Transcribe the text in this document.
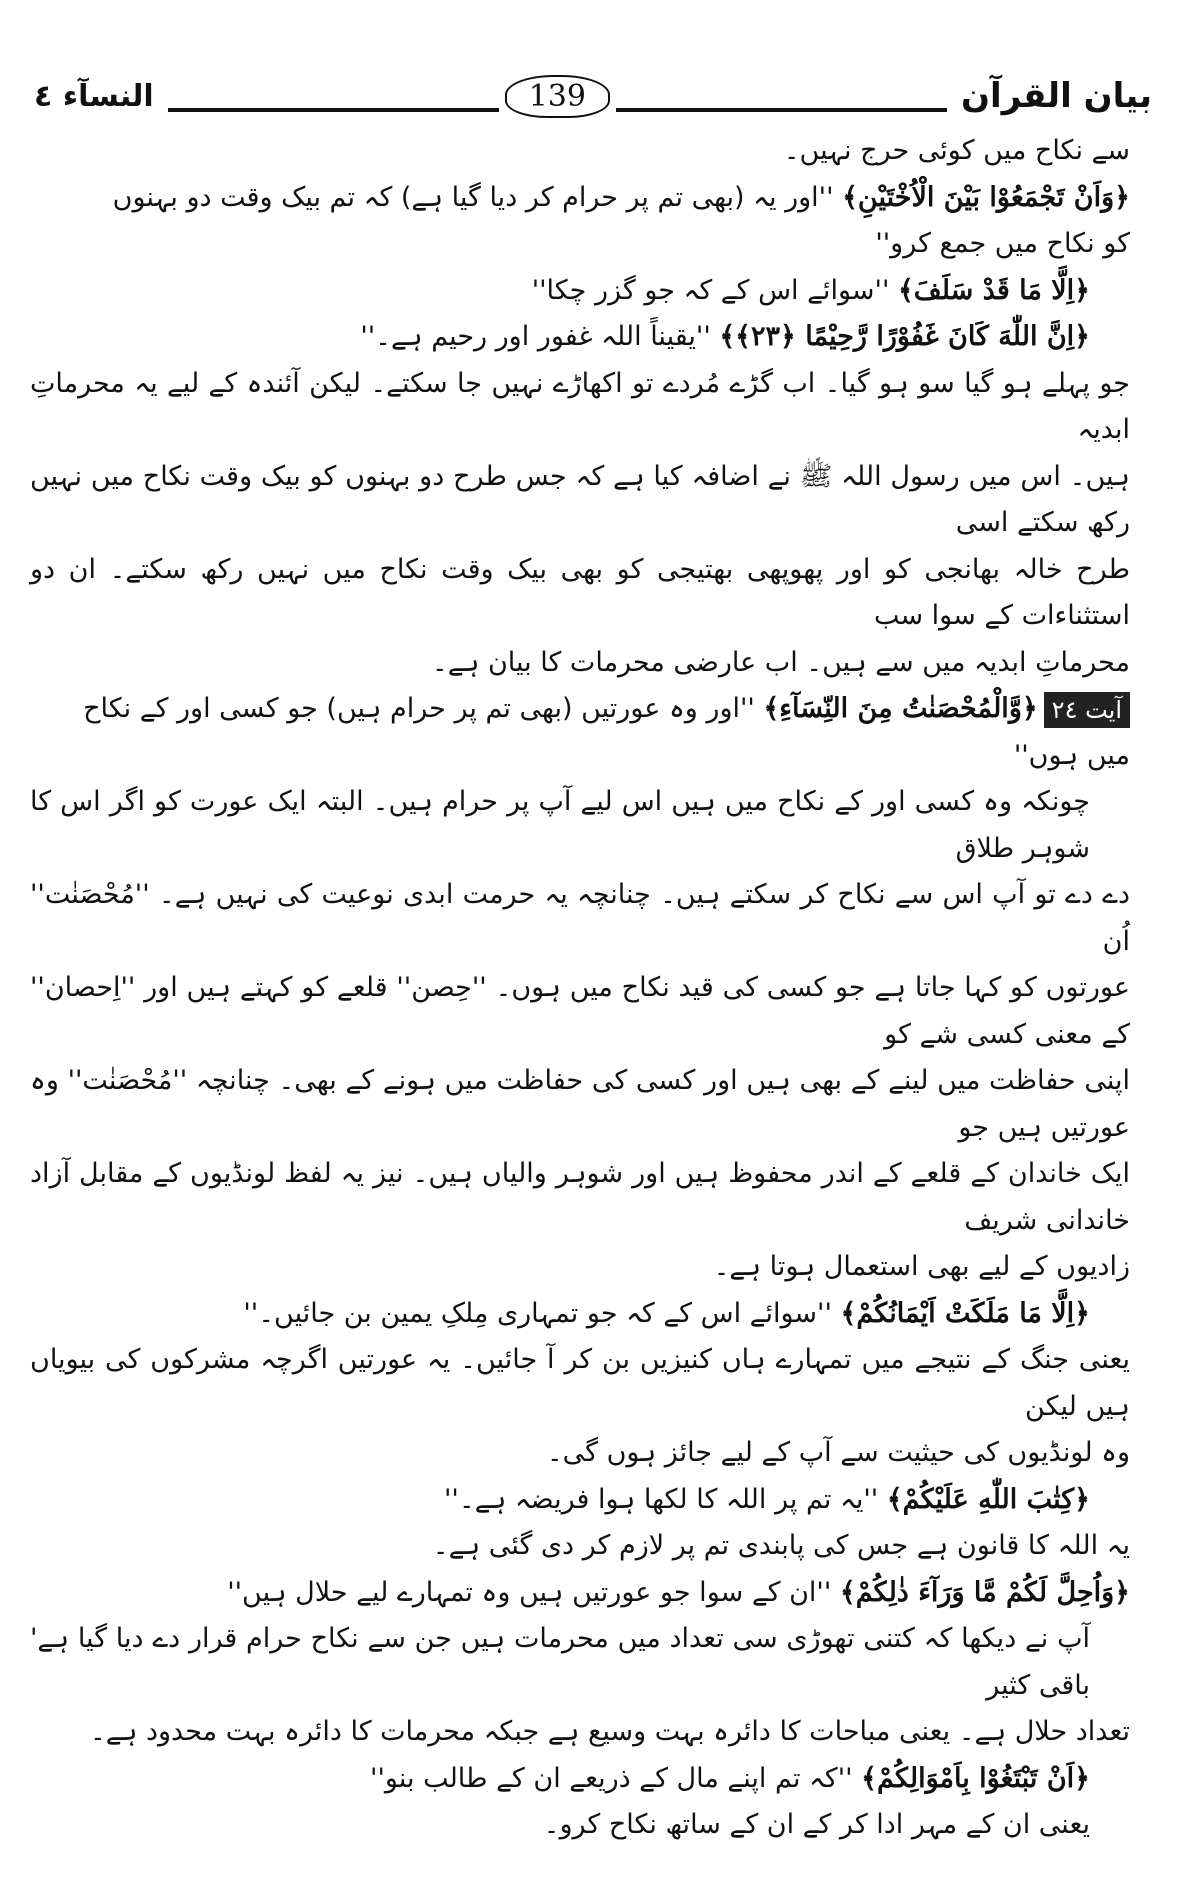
بیان القرآن
139
النسآء ٤

سے نکاح میں کوئی حرج نہیں۔

﴿وَاَنْ تَجْمَعُوْا بَيْنَ الْاُخْتَيْنِ﴾ ''اور یہ (بھی تم پر حرام کر دیا گیا ہے) کہ تم بیک وقت دو بہنوں

کو نکاح میں جمع کرو''

﴿اِلَّا مَا قَدْ سَلَفَ﴾ ''سوائے اس کے کہ جو گزر چکا''

﴿اِنَّ اللّٰهَ كَانَ غَفُوْرًا رَّحِيْمًا ﴿٢٣﴾﴾ ''یقیناً اللہ غفور اور رحیم ہے۔''

جو پہلے ہو گیا سو ہو گیا۔ اب گڑے مُردے تو اکھاڑے نہیں جا سکتے۔ لیکن آئندہ کے لیے یہ محرماتِ ابدیہ

ہیں۔ اس میں رسول اللہ ﷺ نے اضافہ کیا ہے کہ جس طرح دو بہنوں کو بیک وقت نکاح میں نہیں رکھ سکتے اسی

طرح خالہ بھانجی کو اور پھوپھی بھتیجی کو بھی بیک وقت نکاح میں نہیں رکھ سکتے۔ ان دو استثناءات کے سوا سب

محرماتِ ابدیہ میں سے ہیں۔ اب عارضی محرمات کا بیان ہے۔

آیت ٢٤﴿وَّالْمُحْصَنٰتُ مِنَ النِّسَآءِ﴾ ''اور وہ عورتیں (بھی تم پر حرام ہیں) جو کسی اور کے نکاح

میں ہوں''

چونکہ وہ کسی اور کے نکاح میں ہیں اس لیے آپ پر حرام ہیں۔ البتہ ایک عورت کو اگر اس کا شوہر طلاق

دے دے تو آپ اس سے نکاح کر سکتے ہیں۔ چنانچہ یہ حرمت ابدی نوعیت کی نہیں ہے۔ ''مُحْصَنٰت'' اُن

عورتوں کو کہا جاتا ہے جو کسی کی قید نکاح میں ہوں۔ ''حِصن'' قلعے کو کہتے ہیں اور ''اِحصان'' کے معنی کسی شے کو

اپنی حفاظت میں لینے کے بھی ہیں اور کسی کی حفاظت میں ہونے کے بھی۔ چنانچہ ''مُحْصَنٰت'' وہ عورتیں ہیں جو

ایک خاندان کے قلعے کے اندر محفوظ ہیں اور شوہر والیاں ہیں۔ نیز یہ لفظ لونڈیوں کے مقابل آزاد خاندانی شریف

زادیوں کے لیے بھی استعمال ہوتا ہے۔

﴿اِلَّا مَا مَلَكَتْ اَيْمَانُكُمْ﴾ ''سوائے اس کے کہ جو تمہاری مِلکِ یمین بن جائیں۔''

یعنی جنگ کے نتیجے میں تمہارے ہاں کنیزیں بن کر آ جائیں۔ یہ عورتیں اگرچہ مشرکوں کی بیویاں ہیں لیکن

وہ لونڈیوں کی حیثیت سے آپ کے لیے جائز ہوں گی۔

﴿كِتٰبَ اللّٰهِ عَلَيْكُمْ﴾ ''یہ تم پر اللہ کا لکھا ہوا فریضہ ہے۔''

یہ اللہ کا قانون ہے جس کی پابندی تم پر لازم کر دی گئی ہے۔

﴿وَاُحِلَّ لَكُمْ مَّا وَرَآءَ ذٰلِكُمْ﴾ ''ان کے سوا جو عورتیں ہیں وہ تمہارے لیے حلال ہیں''

آپ نے دیکھا کہ کتنی تھوڑی سی تعداد میں محرمات ہیں جن سے نکاح حرام قرار دے دیا گیا ہے' باقی کثیر

تعداد حلال ہے۔ یعنی مباحات کا دائرہ بہت وسیع ہے جبکہ محرمات کا دائرہ بہت محدود ہے۔

﴿اَنْ تَبْتَغُوْا بِاَمْوَالِكُمْ﴾ ''کہ تم اپنے مال کے ذریعے ان کے طالب بنو''

یعنی ان کے مہر ادا کر کے ان کے ساتھ نکاح کرو۔
